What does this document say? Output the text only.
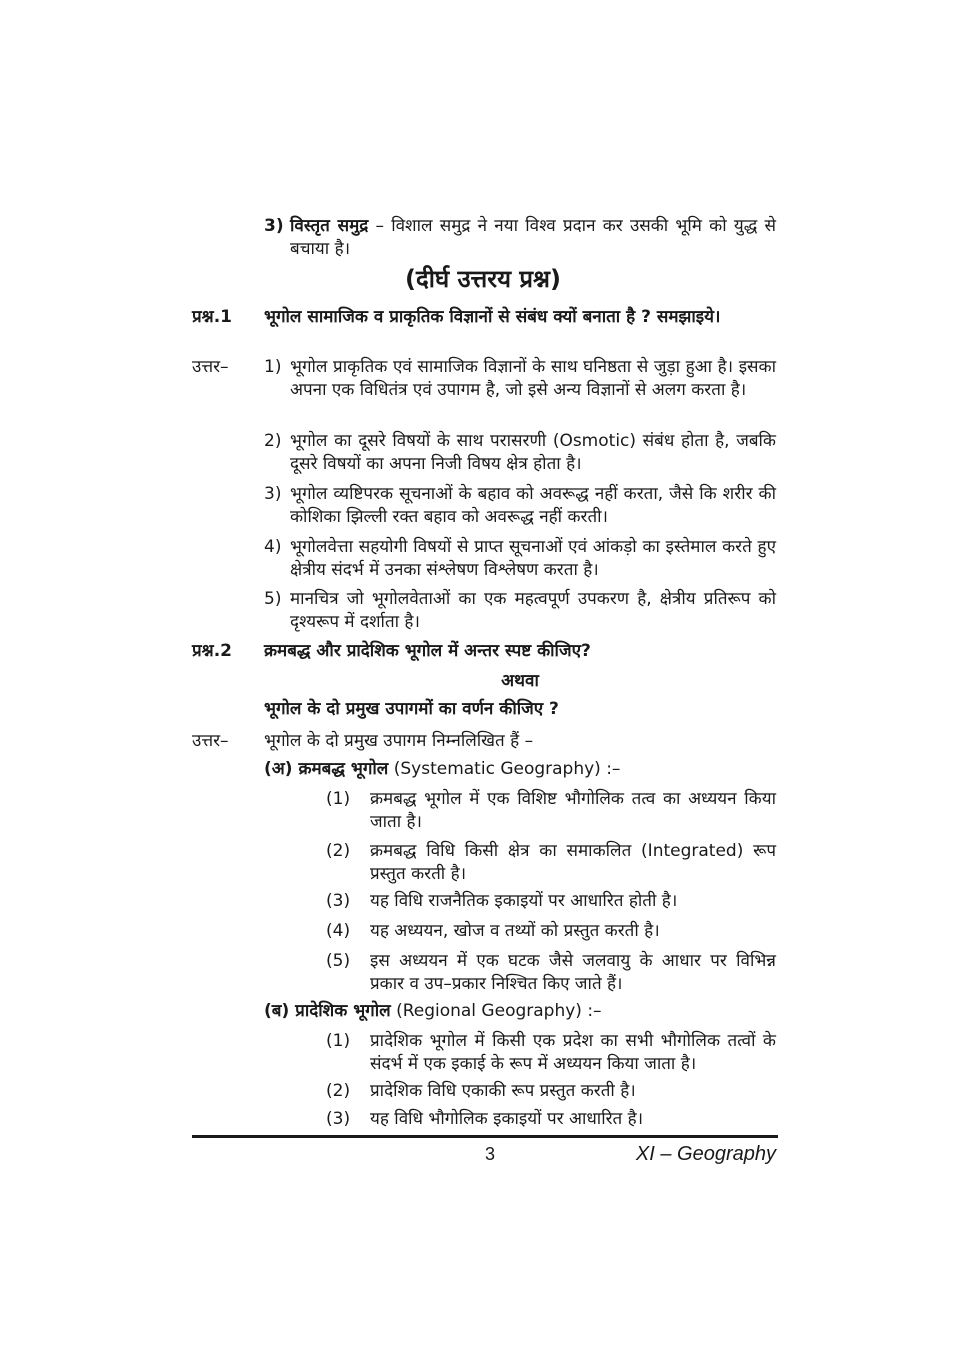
3) विस्तृत समुद्र – विशाल समुद्र ने नया विश्व प्रदान कर उसकी भूमि को युद्ध से बचाया है।
(दीर्घ उत्तरय प्रश्न)
प्रश्न.1 भूगोल सामाजिक व प्राकृतिक विज्ञानों से संबंध क्यों बनाता है ? समझाइये।
उत्तर– 1) भूगोल प्राकृतिक एवं सामाजिक विज्ञानों के साथ घनिष्ठता से जुड़ा हुआ है। इसका अपना एक विधितंत्र एवं उपागम है, जो इसे अन्य विज्ञानों से अलग करता है।
2) भूगोल का दूसरे विषयों के साथ परासरणी (Osmotic) संबंध होता है, जबकि दूसरे विषयों का अपना निजी विषय क्षेत्र होता है।
3) भूगोल व्यष्टिपरक सूचनाओं के बहाव को अवरूद्ध नहीं करता, जैसे कि शरीर की कोशिका झिल्ली रक्त बहाव को अवरूद्ध नहीं करती।
4) भूगोलवेत्ता सहयोगी विषयों से प्राप्त सूचनाओं एवं आंकड़ो का इस्तेमाल करते हुए क्षेत्रीय संदर्भ में उनका संश्लेषण विश्लेषण करता है।
5) मानचित्र जो भूगोलवेताओं का एक महत्वपूर्ण उपकरण है, क्षेत्रीय प्रतिरूप को दृश्यरूप में दर्शाता है।
प्रश्न.2 क्रमबद्ध और प्रादेशिक भूगोल में अन्तर स्पष्ट कीजिए?
अथवा
भूगोल के दो प्रमुख उपागमों का वर्णन कीजिए ?
उत्तर– भूगोल के दो प्रमुख उपागम निम्नलिखित हैं –
(अ) क्रमबद्ध भूगोल (Systematic Geography) :–
(1) क्रमबद्ध भूगोल में एक विशिष्ट भौगोलिक तत्व का अध्ययन किया जाता है।
(2) क्रमबद्ध विधि किसी क्षेत्र का समाकलित (Integrated) रूप प्रस्तुत करती है।
(3) यह विधि राजनैतिक इकाइयों पर आधारित होती है।
(4) यह अध्ययन, खोज व तथ्यों को प्रस्तुत करती है।
(5) इस अध्ययन में एक घटक जैसे जलवायु के आधार पर विभिन्न प्रकार व उप–प्रकार निश्चित किए जाते हैं।
(ब) प्रादेशिक भूगोल (Regional Geography) :–
(1) प्रादेशिक भूगोल में किसी एक प्रदेश का सभी भौगोलिक तत्वों के संदर्भ में एक इकाई के रूप में अध्ययन किया जाता है।
(2) प्रादेशिक विधि एकाकी रूप प्रस्तुत करती है।
(3) यह विधि भौगोलिक इकाइयों पर आधारित है।
3	XI – Geography
